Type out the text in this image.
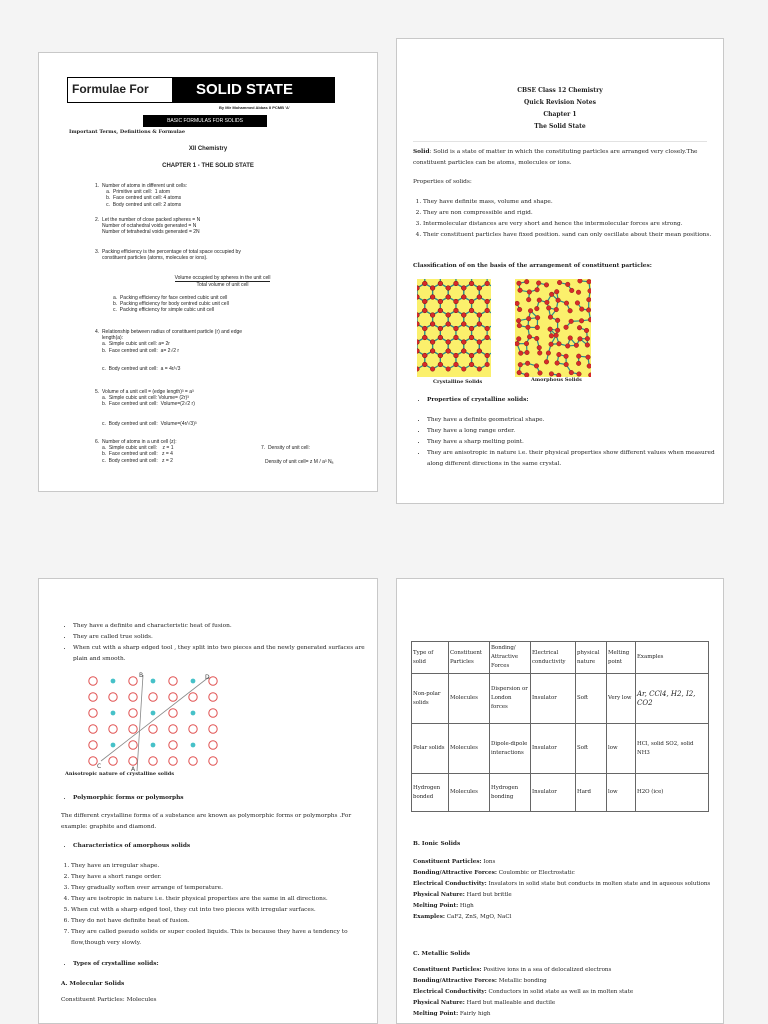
Formulae For	SOLID STATE
By Mir Mohammed Abbas II PCMB 'A'
BASIC FORMULAS FOR SOLIDS
Important Terms, Definitions & Formulae
XII Chemistry
CHAPTER 1 - THE SOLID STATE
1.  Number of atoms in different unit cells:
a.  Primitive unit cell:  1 atom
b.  Face centred unit cell: 4 atoms
c.  Body centred unit cell: 2 atoms
2.  Let the number of close packed spheres = N
Number of octahedral voids generated = N
Number of tetrahedral voids generated = 2N
3.  Packing efficiency is the percentage of total space occupied by
constituent particles (atoms, molecules or ions).

$\frac{\text{Volume occupied by spheres in the unit cell}}{\text{Total volume of unit cell}}$

a.  Packing efficiency for face centred cubic unit cell
b.  Packing efficiency for body centred cubic unit cell
c.  Packing efficiency for simple cubic unit cell
4.  Relationship between radius of constituent particle (r) and edge
length(a):
a.  Simple cubic unit cell: a= 2r
b.  Face centred unit cell:  a= 2√2 r
c.  Body centred unit cell:  a = 4r/√3
5.  Volume of a unit cell = (edge length)³ = a³
a.  Simple cubic unit cell: Volume= (2r)³
b.  Face centred unit cell:  Volume=(2√2 r)
c.  Body centred unit cell:  Volume=(4r/√3)³
6.  Number of atoms in a unit cell (z):
a.  Simple cubic unit cell:    z = 1
b.  Face centred unit cell:   z = 4
c.  Body centred unit cell:   z = 2
7.  Density of unit cell:
Density of unit cell= z M / a³ Nₐ
CBSE Class 12 Chemistry
Quick Revision Notes
Chapter 1
The Solid State
Solid: Solid is a state of matter in which the constituting particles are arranged very closely.The constituent particles can be atoms, molecules or ions.
Properties of solids:
1. They have definite mass, volume and shape.
2. They are non compressible and rigid.
3. Intermolecular distances are very short and hence the intermolecular forces are strong.
4. Their constituent particles have fixed position. sand can only oscillate about their mean positions.
Classification of on the basis of the arrangement of constituent particles:
Crystalline Solids	Amorphous Solids
• Properties of crystalline solids:
• They have a definite geometrical shape.
• They have a long range order.
• They have a sharp melting point.
• They are anisotropic in nature i.e. their physical properties show different values when measured along different directions in the same crystal.
• They have a definite and characteristic heat of fusion.
• They are called true solids.
• When cut with a sharp edged tool , they split into two pieces and the newly generated surfaces are plain and smooth.
C
D
B
A
Anisotropic nature of crystalline solids
• Polymorphic forms or polymorphs
The different crystalline forms of a substance are known as polymorphic forms or polymorphs .For example: graphite and diamond.
• Characteristics of amorphous solids
1. They have an irregular shape.
2. They have a short range order.
3. They gradually soften over arrange of temperature.
4. They are isotropic in nature i.e. their physical properties are the same in all directions.
5. When cut with a sharp edged tool, they cut into two pieces with irregular surfaces.
6. They do not have definite heat of fusion.
7. They are called pseudo solids or super cooled liquids. This is because they have a tendency to flow,though very slowly.
• Types of crystalline solids:
A. Molecular Solids
Constituent Particles: Molecules
Type of solid	Constituent Particles	Bonding/ Attractive Forces	Electrical conductivity	physical nature	Melting point	Examples
Non-polar solids	Molecules	Dispersion or London forces	Insulator	Soft	Very low	Ar, CCl4, H2, I2, CO2
Polar solids	Molecules	Dipole-dipole interactions	Insulator	Soft	low	HCl, solid SO2, solid NH3
Hydrogen bonded	Molecules	Hydrogen bonding	Insulator	Hard	low	H2O (ice)
B. Ionic Solids
Constituent Particles: Ions
Bonding/Attractive Forces: Coulombic or Electrostatic
Electrical Conductivity: Insulators in solid state but conducts in molten state and in aqueous solutions
Physical Nature: Hard but brittle
Melting Point: High
Examples: CaF2, ZnS, MgO, NaCl
C. Metallic Solids
Constituent Particles: Positive ions in a sea of delocalized electrons
Bonding/Attractive Forces: Metallic bonding
Electrical Conductivity: Conductors in solid state as well as in molten state
Physical Nature: Hard but malleable and ductile
Melting Point: Fairly high
